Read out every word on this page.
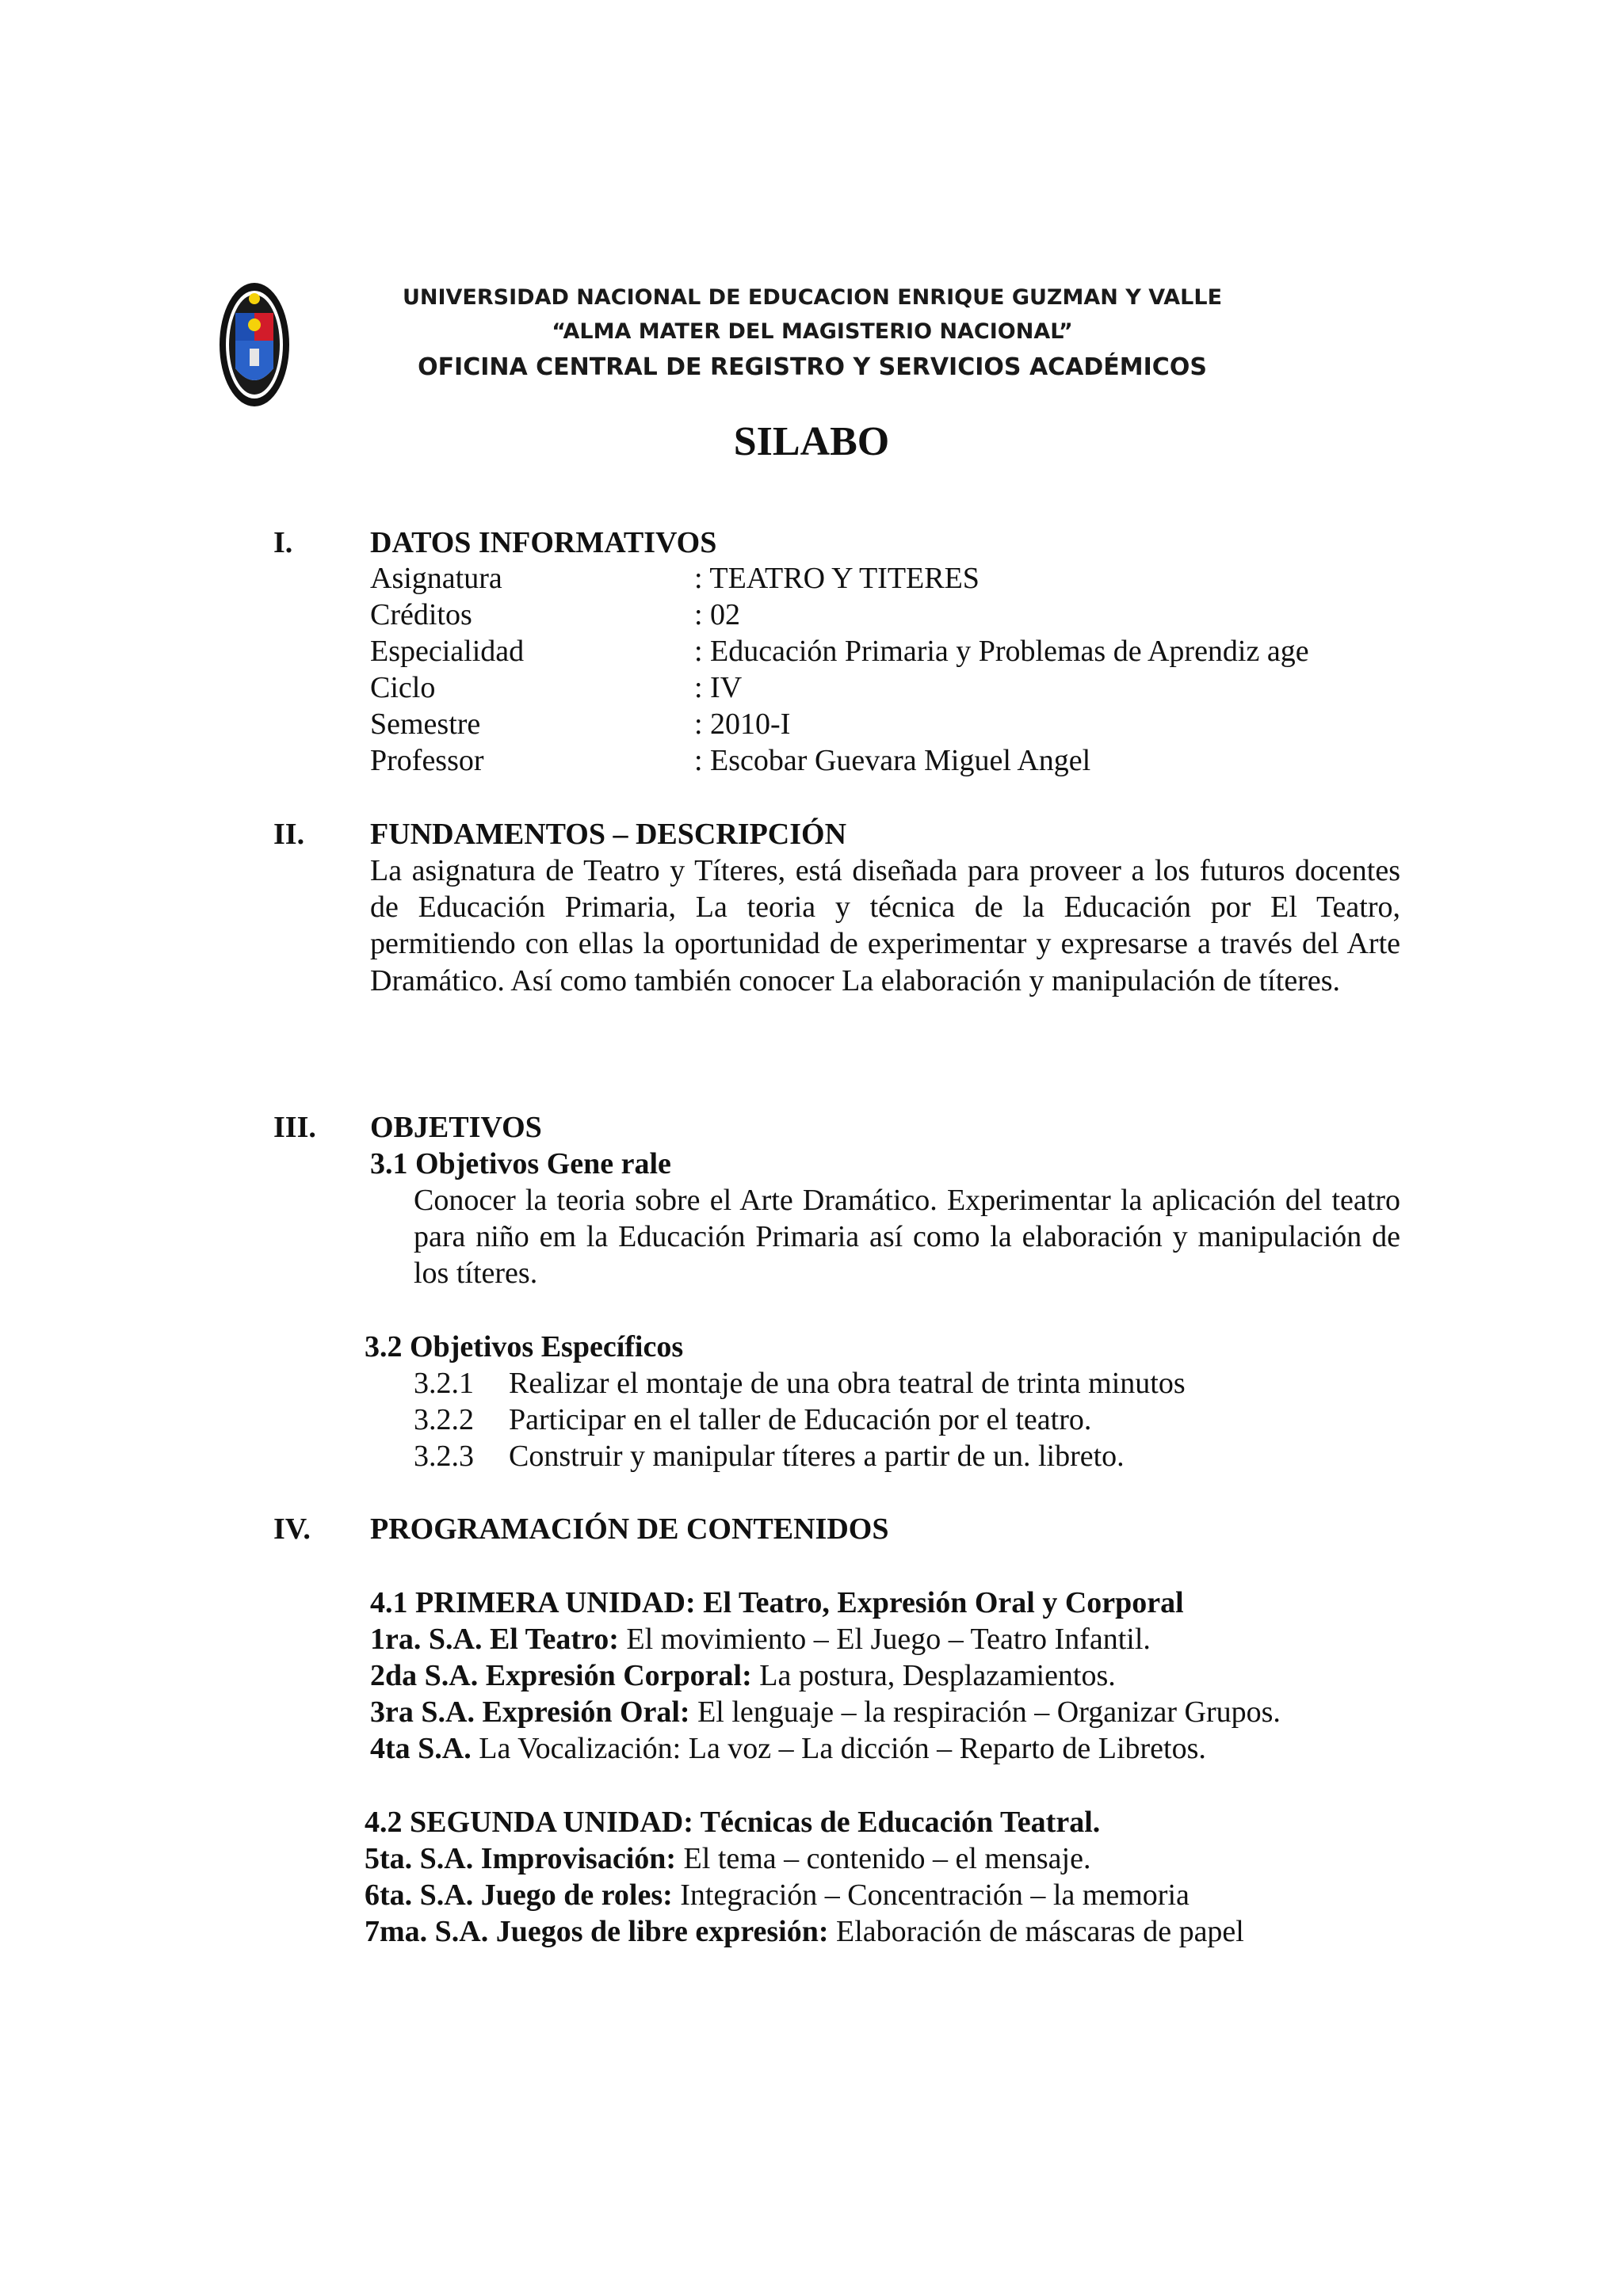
UNIVERSIDAD NACIONAL DE EDUCACION ENRIQUE GUZMAN Y VALLE
“ALMA MATER DEL MAGISTERIO NACIONAL”
OFICINA CENTRAL DE REGISTRO Y SERVICIOS ACADÉMICOS
SILABO
I.	DATOS INFORMATIVOS
Asignatura	: TEATRO Y TITERES
Créditos	: 02
Especialidad	: Educación Primaria y Problemas de Aprendiz age
Ciclo	: IV
Semestre	: 2010-I
Professor	: Escobar Guevara Miguel Angel
II. FUNDAMENTOS – DESCRIPCIÓN
La asignatura de Teatro y Títeres, está diseñada para proveer a los futuros docentes de Educación Primaria, La teoria y técnica de la Educación por El Teatro, permitiendo con ellas la oportunidad de experimentar y expresarse a través del Arte Dramático. Así como también conocer La elaboración y manipulación de títeres.
III. OBJETIVOS
3.1 Objetivos Gene rale
Conocer la teoria sobre el Arte Dramático. Experimentar la aplicación del teatro para niño em la Educación Primaria así como la elaboración y manipulación de los títeres.
3.2 Objetivos Específicos
3.2.1 Realizar el montaje de una obra teatral de trinta minutos
3.2.2 Participar en el taller de Educación por el teatro.
3.2.3 Construir y manipular títeres a partir de un. libreto.
IV. PROGRAMACIÓN DE CONTENIDOS
4.1 PRIMERA UNIDAD: El Teatro, Expresión Oral y Corporal
1ra. S.A. El Teatro: El movimiento – El Juego – Teatro Infantil.
2da S.A. Expresión Corporal: La postura, Desplazamientos.
3ra S.A. Expresión Oral: El lenguaje – la respiración – Organizar Grupos.
4ta S.A. La Vocalización: La voz – La dicción – Reparto de Libretos.
4.2 SEGUNDA UNIDAD: Técnicas de Educación Teatral.
5ta. S.A. Improvisación: El tema – contenido – el mensaje.
6ta. S.A. Juego de roles: Integración – Concentración – la memoria
7ma. S.A. Juegos de libre expresión: Elaboración de máscaras de papel
